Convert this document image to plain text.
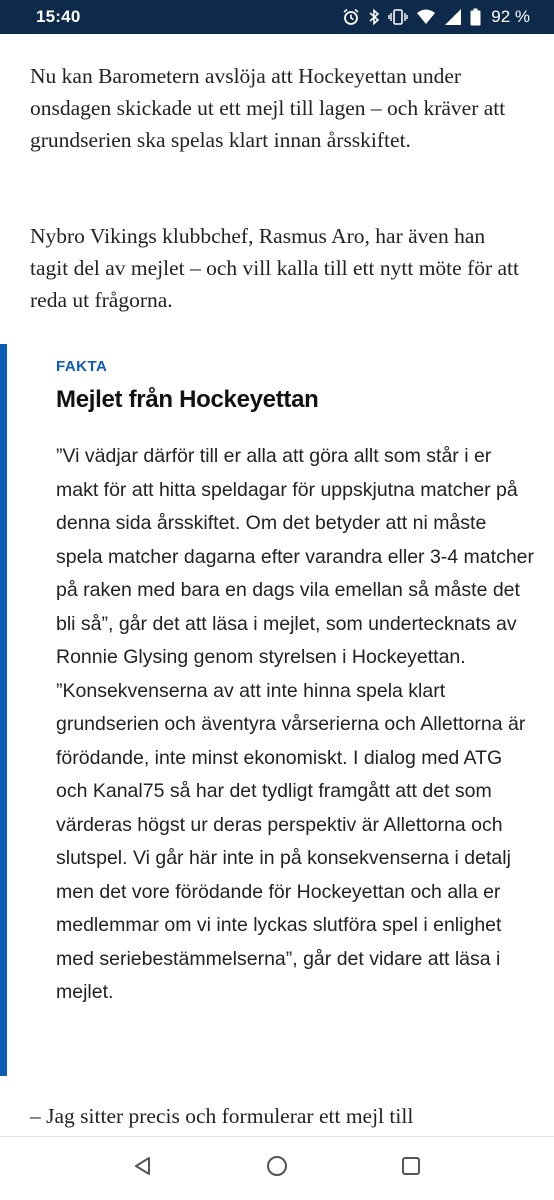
15:40	92 %

Nu kan Barometern avslöja att Hockeyettan under onsdagen skickade ut ett mejl till lagen – och kräver att grundserien ska spelas klart innan årsskiftet.

Nybro Vikings klubbchef, Rasmus Aro, har även han tagit del av mejlet – och vill kalla till ett nytt möte för att reda ut frågorna.

FAKTA
Mejlet från Hockeyettan

”Vi vädjar därför till er alla att göra allt som står i er makt för att hitta speldagar för uppskjutna matcher på denna sida årsskiftet. Om det betyder att ni måste spela matcher dagarna efter varandra eller 3-4 matcher på raken med bara en dags vila emellan så måste det bli så”, går det att läsa i mejlet, som undertecknats av Ronnie Glysing genom styrelsen i Hockeyettan.

”Konsekvenserna av att inte hinna spela klart grundserien och äventyra vårserierna och Allettorna är förödande, inte minst ekonomiskt. I dialog med ATG och Kanal75 så har det tydligt framgått att det som värderas högst ur deras perspektiv är Allettorna och slutspel. Vi går här inte in på konsekvenserna i detalj men det vore förödande för Hockeyettan och alla er medlemmar om vi inte lyckas slutföra spel i enlighet med seriebestämmelserna”, går det vidare att läsa i mejlet.

– Jag sitter precis och formulerar ett mejl till
